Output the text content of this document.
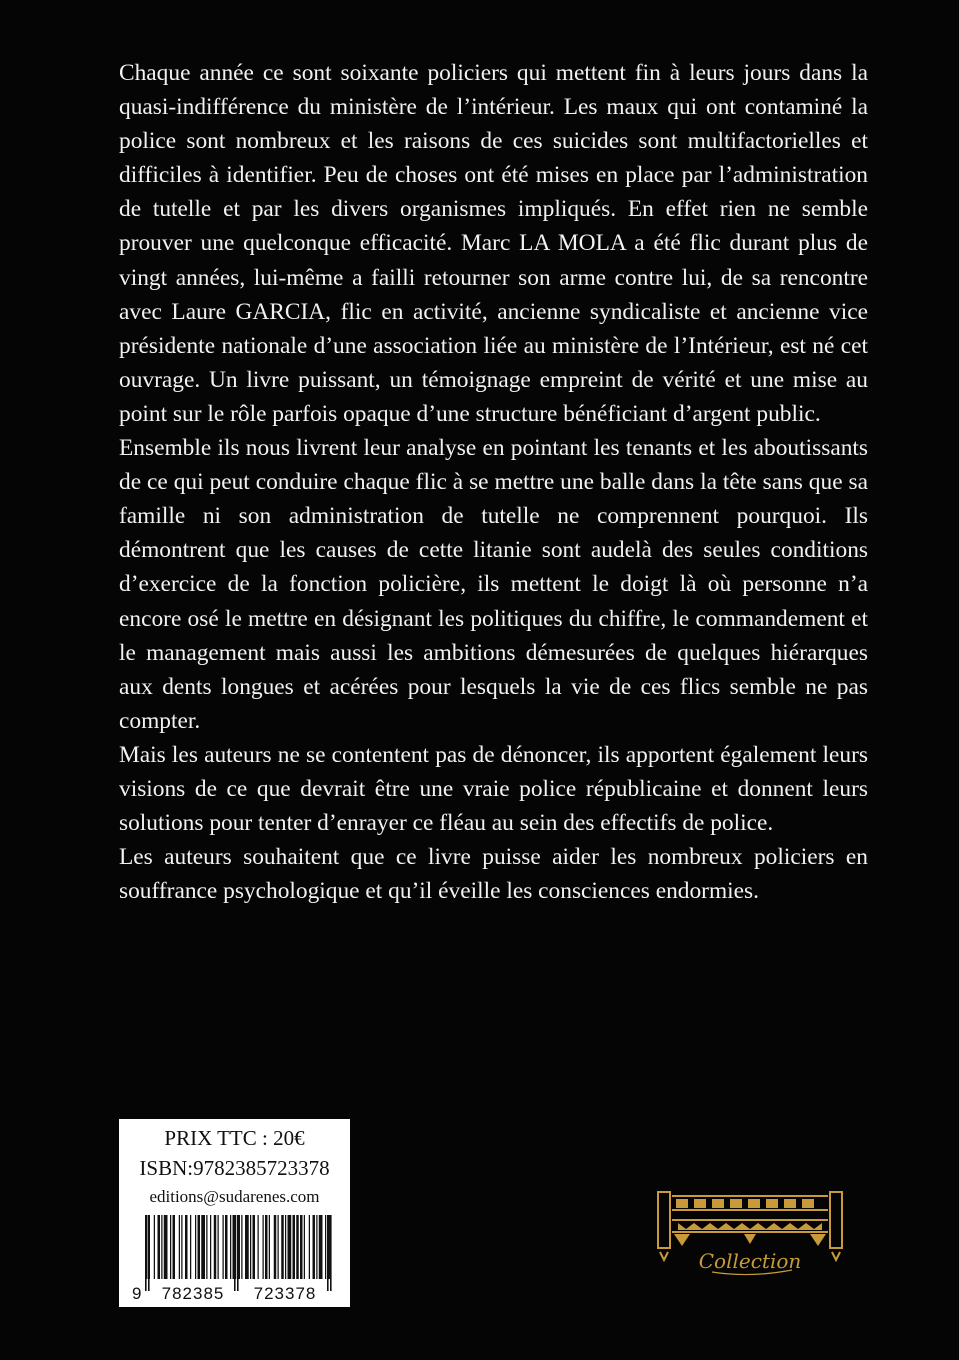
Chaque année ce sont soixante policiers qui mettent fin à leurs jours dans la quasi-indifférence du ministère de l’intérieur. Les maux qui ont contaminé la police sont nombreux et les raisons de ces suicides sont multifactorielles et difficiles à identifier. Peu de choses ont été mises en place par l’administration de tutelle et par les divers organismes impliqués. En effet rien ne semble prouver une quelconque efficacité. Marc LA MOLA a été flic durant plus de vingt années, lui-même a failli retourner son arme contre lui, de sa rencontre avec Laure GARCIA, flic en activité, ancienne syndicaliste et ancienne vice présidente nationale d’une association liée au ministère de l’Intérieur, est né cet ouvrage. Un livre puissant, un témoignage empreint de vérité et une mise au point sur le rôle parfois opaque d’une structure bénéficiant d’argent public.

Ensemble ils nous livrent leur analyse en pointant les tenants et les aboutissants de ce qui peut conduire chaque flic à se mettre une balle dans la tête sans que sa famille ni son administration de tutelle ne comprennent pourquoi. Ils démontrent que les causes de cette litanie sont audelà des seules conditions d’exercice de la fonction policière, ils mettent le doigt là où personne n’a encore osé le mettre en désignant les politiques du chiffre, le commandement et le management mais aussi les ambitions démesurées de quelques hiérarques aux dents longues et acérées pour lesquels la vie de ces flics semble ne pas compter.

Mais les auteurs ne se contentent pas de dénoncer, ils apportent également leurs visions de ce que devrait être une vraie police républicaine et donnent leurs solutions pour tenter d’enrayer ce fléau au sein des effectifs de police.

Les auteurs souhaitent que ce livre puisse aider les nombreux policiers en souffrance psychologique et qu’il éveille les consciences endormies.

PRIX TTC : 20€
ISBN:9782385723378
editions@sudarenes.com
9 782385 723378
Collection
